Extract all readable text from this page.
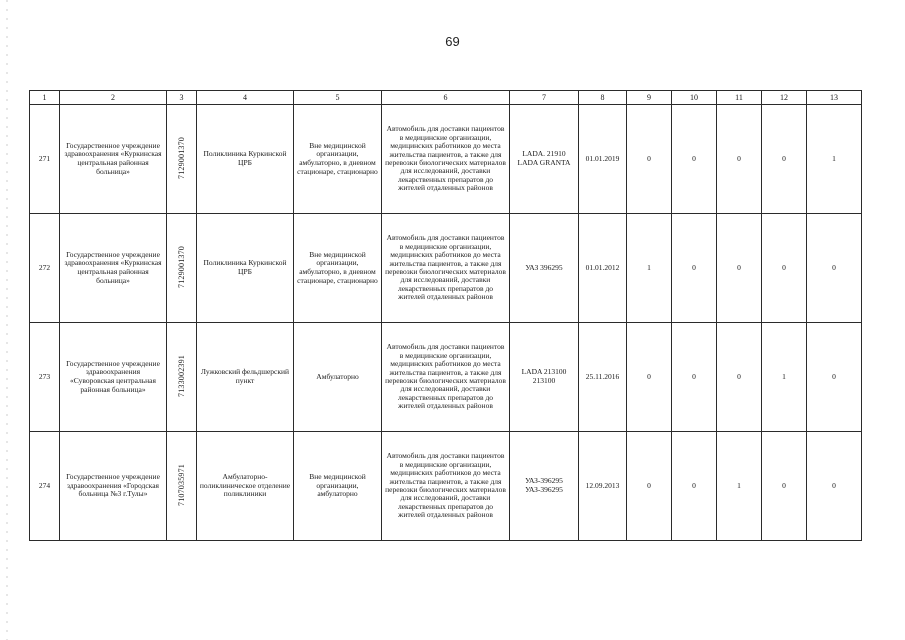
69
1	2	3	4	5	6	7	8	9	10	11	12	13
271	Государственное учреждение здравоохранения «Куркинская центральная районная больница»	7129001370	Поликлиника Куркинской ЦРБ	Вне медицинской организации, амбулаторно, в дневном стационаре, стационарно	Автомобиль для доставки пациентов в медицинские организации, медицинских работников до места жительства пациентов, а также для перевозки биологических материалов для исследований, доставки лекарственных препаратов до жителей отдаленных районов	LADA. 21910 LADA GRANTA	01.01.2019	0	0	0	0	1
272	Государственное учреждение здравоохранения «Куркинская центральная районная больница»	7129001370	Поликлиника Куркинской ЦРБ	Вне медицинской организации, амбулаторно, в дневном стационаре, стационарно	Автомобиль для доставки пациентов в медицинские организации, медицинских работников до места жительства пациентов, а также для перевозки биологических материалов для исследований, доставки лекарственных препаратов до жителей отдаленных районов	УАЗ 396295	01.01.2012	1	0	0	0	0
273	Государственное учреждение здравоохранения «Суворовская центральная районная больница»	7133002391	Лужковский фельдшерский пункт	Амбулаторно	Автомобиль для доставки пациентов в медицинские организации, медицинских работников до места жительства пациентов, а также для перевозки биологических материалов для исследований, доставки лекарственных препаратов до жителей отдаленных районов	LADA 213100 213100	25.11.2016	0	0	0	1	0
274	Государственное учреждение здравоохранения «Городская больница №3 г.Тулы»	7107035971	Амбулаторно-поликлиническое отделение поликлиники	Вне медицинской организации, амбулаторно	Автомобиль для доставки пациентов в медицинские организации, медицинских работников до места жительства пациентов, а также для перевозки биологических материалов для исследований, доставки лекарственных препаратов до жителей отдаленных районов	УАЗ-396295 УАЗ-396295	12.09.2013	0	0	1	0	0
